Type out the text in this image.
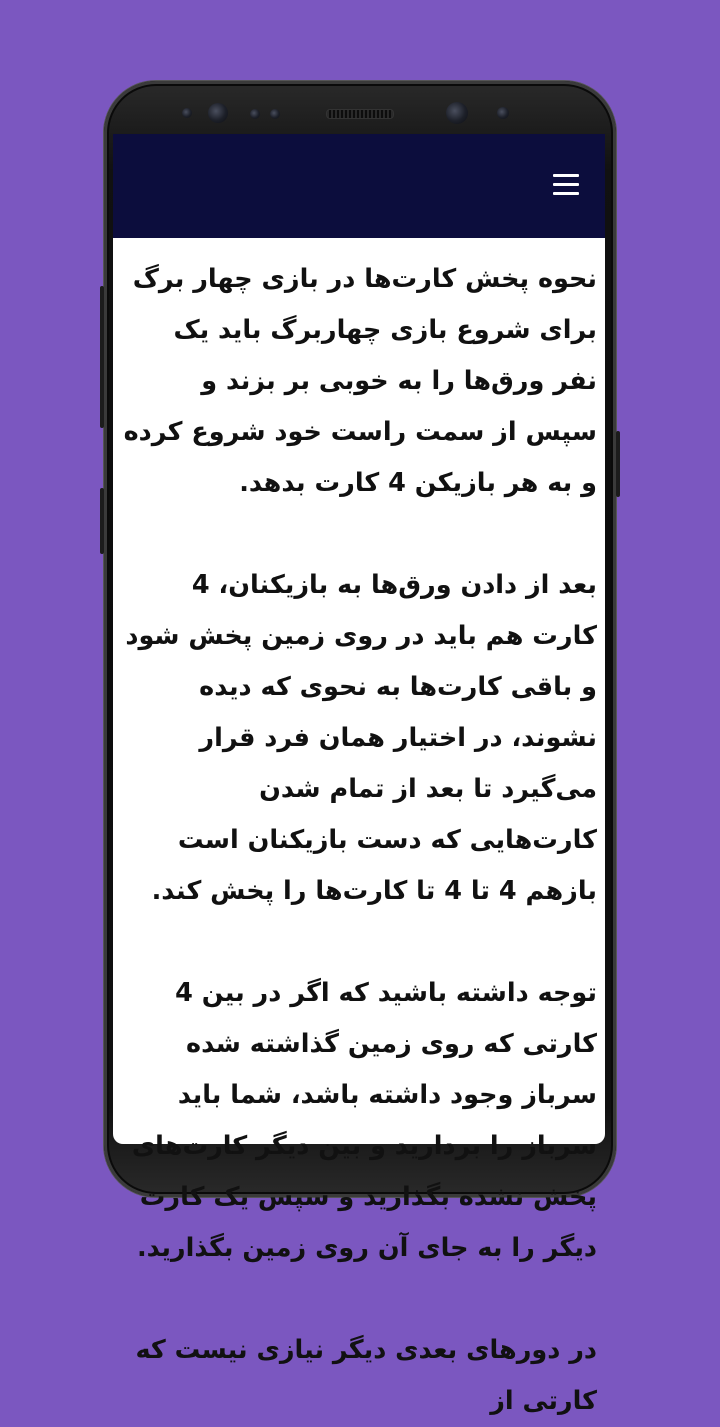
نحوه پخش کارت‌ها در بازی چهار برگ

برای شروع بازی چهاربرگ باید یک نفر ورق‌ها را به خوبی بر بزند و سپس از سمت راست خود شروع کرده و به هر بازیکن 4 کارت بدهد.

بعد از دادن ورق‌ها به بازیکنان، 4 کارت هم باید در روی زمین پخش شود و باقی کارت‌ها به نحوی که دیده نشوند، در اختیار همان فرد قرار می‌گیرد تا بعد از تمام شدن کارت‌هایی که دست بازیکنان است بازهم 4 تا 4 تا کارت‌ها را پخش کند.

توجه داشته باشید که اگر در بین 4 کارتی که روی زمین گذاشته شده سرباز وجود داشته باشد، شما باید سرباز را بردارید و بین دیگر کارت‌های پخش نشده بگذارید و سپس یک کارت دیگر را به جای آن روی زمین بگذارید.

در دورهای بعدی دیگر نیازی نیست که کارتی از
